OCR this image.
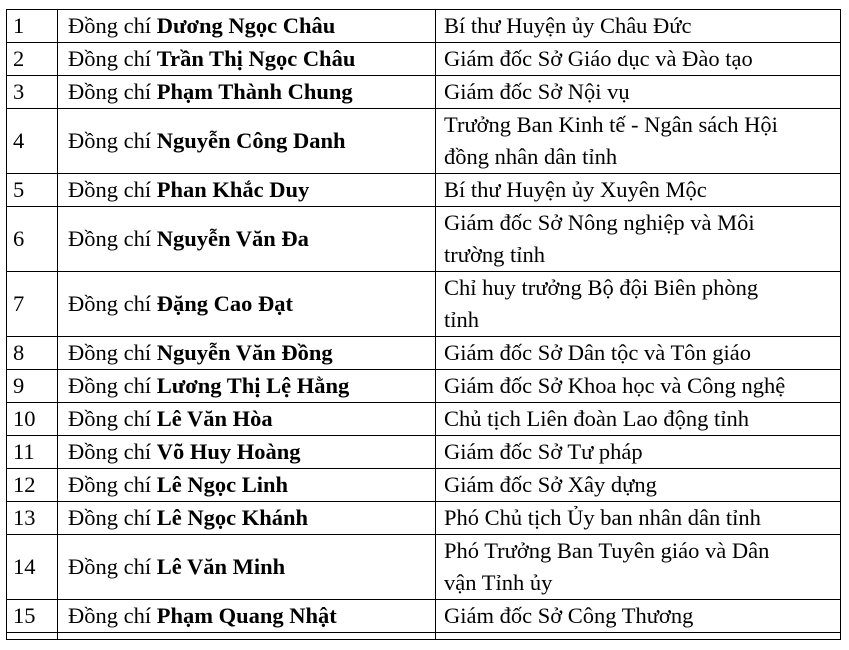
1	Đồng chí Dương Ngọc Châu	Bí thư Huyện ủy Châu Đức

2	Đồng chí Trần Thị Ngọc Châu	Giám đốc Sở Giáo dục và Đào tạo

3	Đồng chí Phạm Thành Chung	Giám đốc Sở Nội vụ

4	Đồng chí Nguyễn Công Danh	Trưởng Ban Kinh tế - Ngân sách Hội
đồng nhân dân tỉnh

5	Đồng chí Phan Khắc Duy	Bí thư Huyện ủy Xuyên Mộc

6	Đồng chí Nguyễn Văn Đa	Giám đốc Sở Nông nghiệp và Môi
trường tỉnh

7	Đồng chí Đặng Cao Đạt	Chỉ huy trưởng Bộ đội Biên phòng
tỉnh

8	Đồng chí Nguyễn Văn Đồng	Giám đốc Sở Dân tộc và Tôn giáo

9	Đồng chí Lương Thị Lệ Hằng	Giám đốc Sở Khoa học và Công nghệ

10	Đồng chí Lê Văn Hòa	Chủ tịch Liên đoàn Lao động tỉnh

11	Đồng chí Võ Huy Hoàng	Giám đốc Sở Tư pháp

12	Đồng chí Lê Ngọc Linh	Giám đốc Sở Xây dựng

13	Đồng chí Lê Ngọc Khánh	Phó Chủ tịch Ủy ban nhân dân tỉnh

14	Đồng chí Lê Văn Minh	Phó Trưởng Ban Tuyên giáo và Dân
vận Tỉnh ủy

15	Đồng chí Phạm Quang Nhật	Giám đốc Sở Công Thương
